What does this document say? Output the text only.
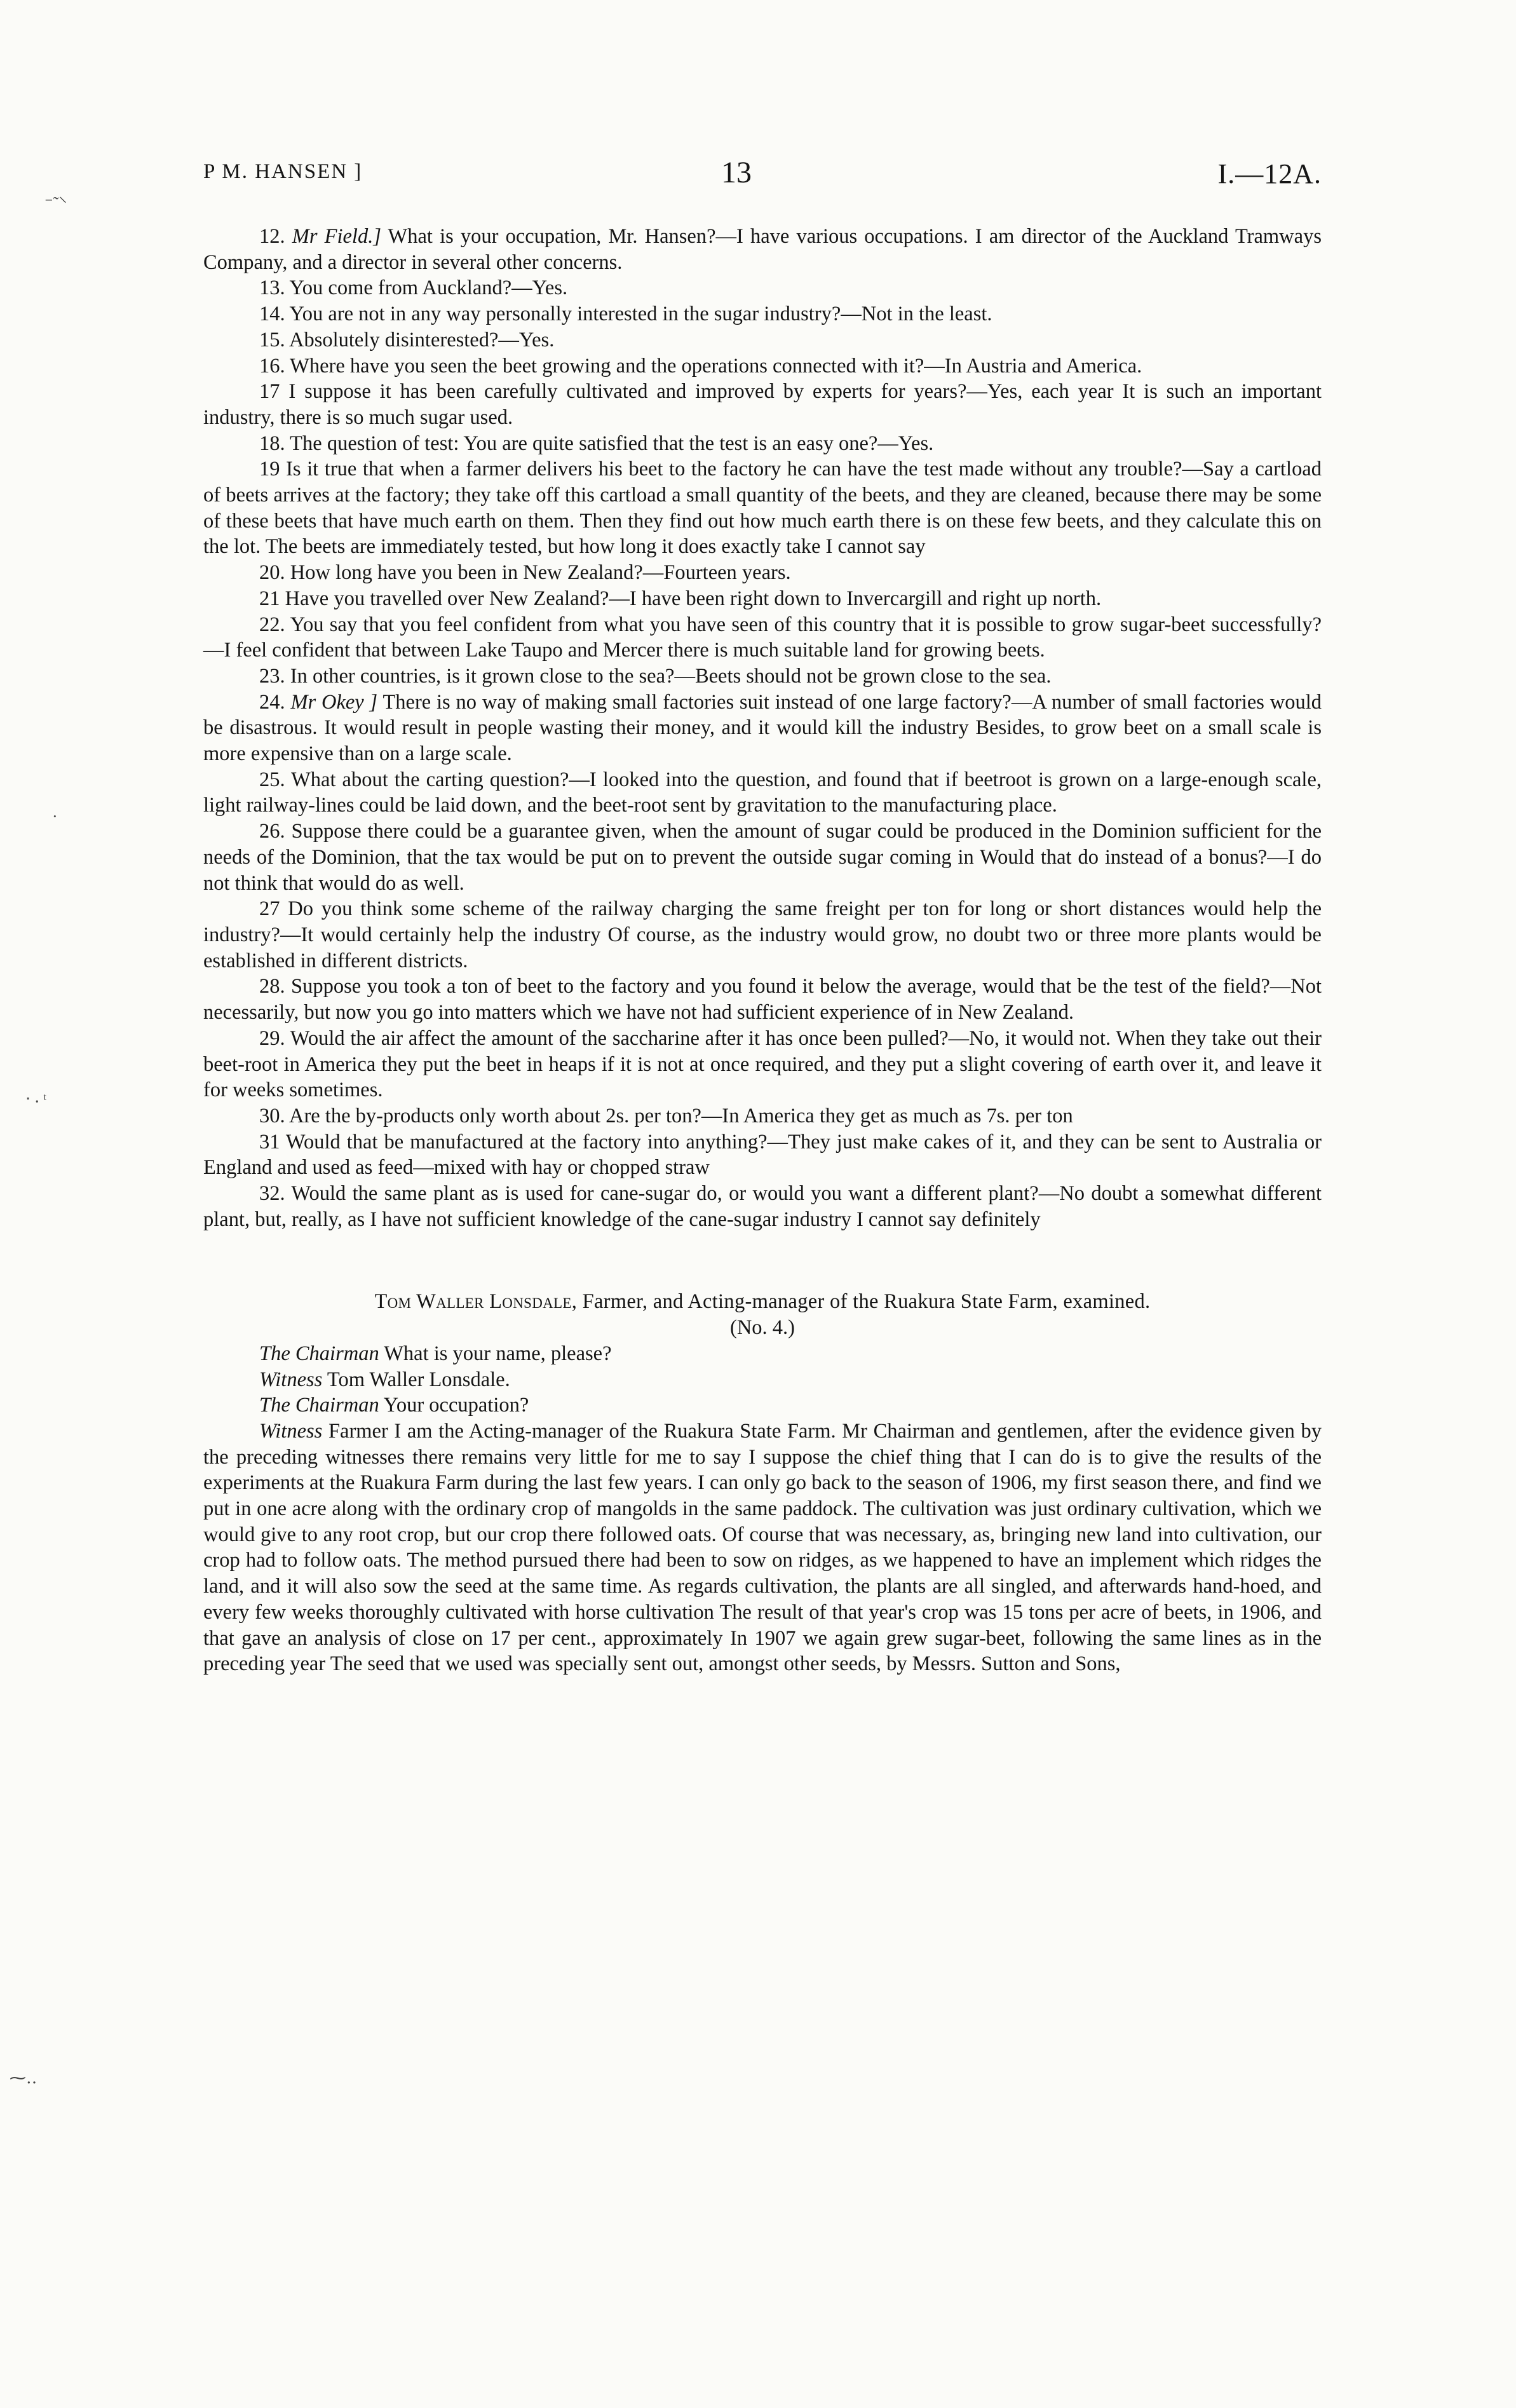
⁻˜⸌
·
‧ ⸳ ᵗ
⁓‥
P M. HANSEN ]	13	I.—12A.

12. Mr Field.] What is your occupation, Mr. Hansen?—I have various occupations. I am director of the Auckland Tramways Company, and a director in several other concerns.

13. You come from Auckland?—Yes.

14. You are not in any way personally interested in the sugar industry?—Not in the least.

15. Absolutely disinterested?—Yes.

16. Where have you seen the beet growing and the operations connected with it?—In Austria and America.

17 I suppose it has been carefully cultivated and improved by experts for years?—Yes, each year It is such an important industry, there is so much sugar used.

18. The question of test: You are quite satisfied that the test is an easy one?—Yes.

19 Is it true that when a farmer delivers his beet to the factory he can have the test made without any trouble?—Say a cartload of beets arrives at the factory; they take off this cartload a small quantity of the beets, and they are cleaned, because there may be some of these beets that have much earth on them. Then they find out how much earth there is on these few beets, and they calculate this on the lot. The beets are immediately tested, but how long it does exactly take I cannot say

20. How long have you been in New Zealand?—Fourteen years.

21 Have you travelled over New Zealand?—I have been right down to Invercargill and right up north.

22. You say that you feel confident from what you have seen of this country that it is possible to grow sugar-beet successfully?—I feel confident that between Lake Taupo and Mercer there is much suitable land for growing beets.

23. In other countries, is it grown close to the sea?—Beets should not be grown close to the sea.

24. Mr Okey ] There is no way of making small factories suit instead of one large factory?—A number of small factories would be disastrous. It would result in people wasting their money, and it would kill the industry Besides, to grow beet on a small scale is more expensive than on a large scale.

25. What about the carting question?—I looked into the question, and found that if beetroot is grown on a large-enough scale, light railway-lines could be laid down, and the beet-root sent by gravitation to the manufacturing place.

26. Suppose there could be a guarantee given, when the amount of sugar could be produced in the Dominion sufficient for the needs of the Dominion, that the tax would be put on to prevent the outside sugar coming in Would that do instead of a bonus?—I do not think that would do as well.

27 Do you think some scheme of the railway charging the same freight per ton for long or short distances would help the industry?—It would certainly help the industry Of course, as the industry would grow, no doubt two or three more plants would be established in different districts.

28. Suppose you took a ton of beet to the factory and you found it below the average, would that be the test of the field?—Not necessarily, but now you go into matters which we have not had sufficient experience of in New Zealand.

29. Would the air affect the amount of the saccharine after it has once been pulled?—No, it would not. When they take out their beet-root in America they put the beet in heaps if it is not at once required, and they put a slight covering of earth over it, and leave it for weeks sometimes.

30. Are the by-products only worth about 2s. per ton?—In America they get as much as 7s. per ton

31 Would that be manufactured at the factory into anything?—They just make cakes of it, and they can be sent to Australia or England and used as feed—mixed with hay or chopped straw

32. Would the same plant as is used for cane-sugar do, or would you want a different plant?—No doubt a somewhat different plant, but, really, as I have not sufficient knowledge of the cane-sugar industry I cannot say definitely

Tom Waller Lonsdale, Farmer, and Acting-manager of the Ruakura State Farm, examined.

(No. 4.)

The Chairman What is your name, please?

Witness Tom Waller Lonsdale.

The Chairman Your occupation?

Witness Farmer I am the Acting-manager of the Ruakura State Farm. Mr Chairman and gentlemen, after the evidence given by the preceding witnesses there remains very little for me to say I suppose the chief thing that I can do is to give the results of the experiments at the Ruakura Farm during the last few years. I can only go back to the season of 1906, my first season there, and find we put in one acre along with the ordinary crop of mangolds in the same paddock. The cultivation was just ordinary cultivation, which we would give to any root crop, but our crop there followed oats. Of course that was necessary, as, bringing new land into cultivation, our crop had to follow oats. The method pursued there had been to sow on ridges, as we happened to have an implement which ridges the land, and it will also sow the seed at the same time. As regards cultivation, the plants are all singled, and afterwards hand-hoed, and every few weeks thoroughly cultivated with horse cultivation The result of that year's crop was 15 tons per acre of beets, in 1906, and that gave an analysis of close on 17 per cent., approximately In 1907 we again grew sugar-beet, following the same lines as in the preceding year The seed that we used was specially sent out, amongst other seeds, by Messrs. Sutton and Sons,
